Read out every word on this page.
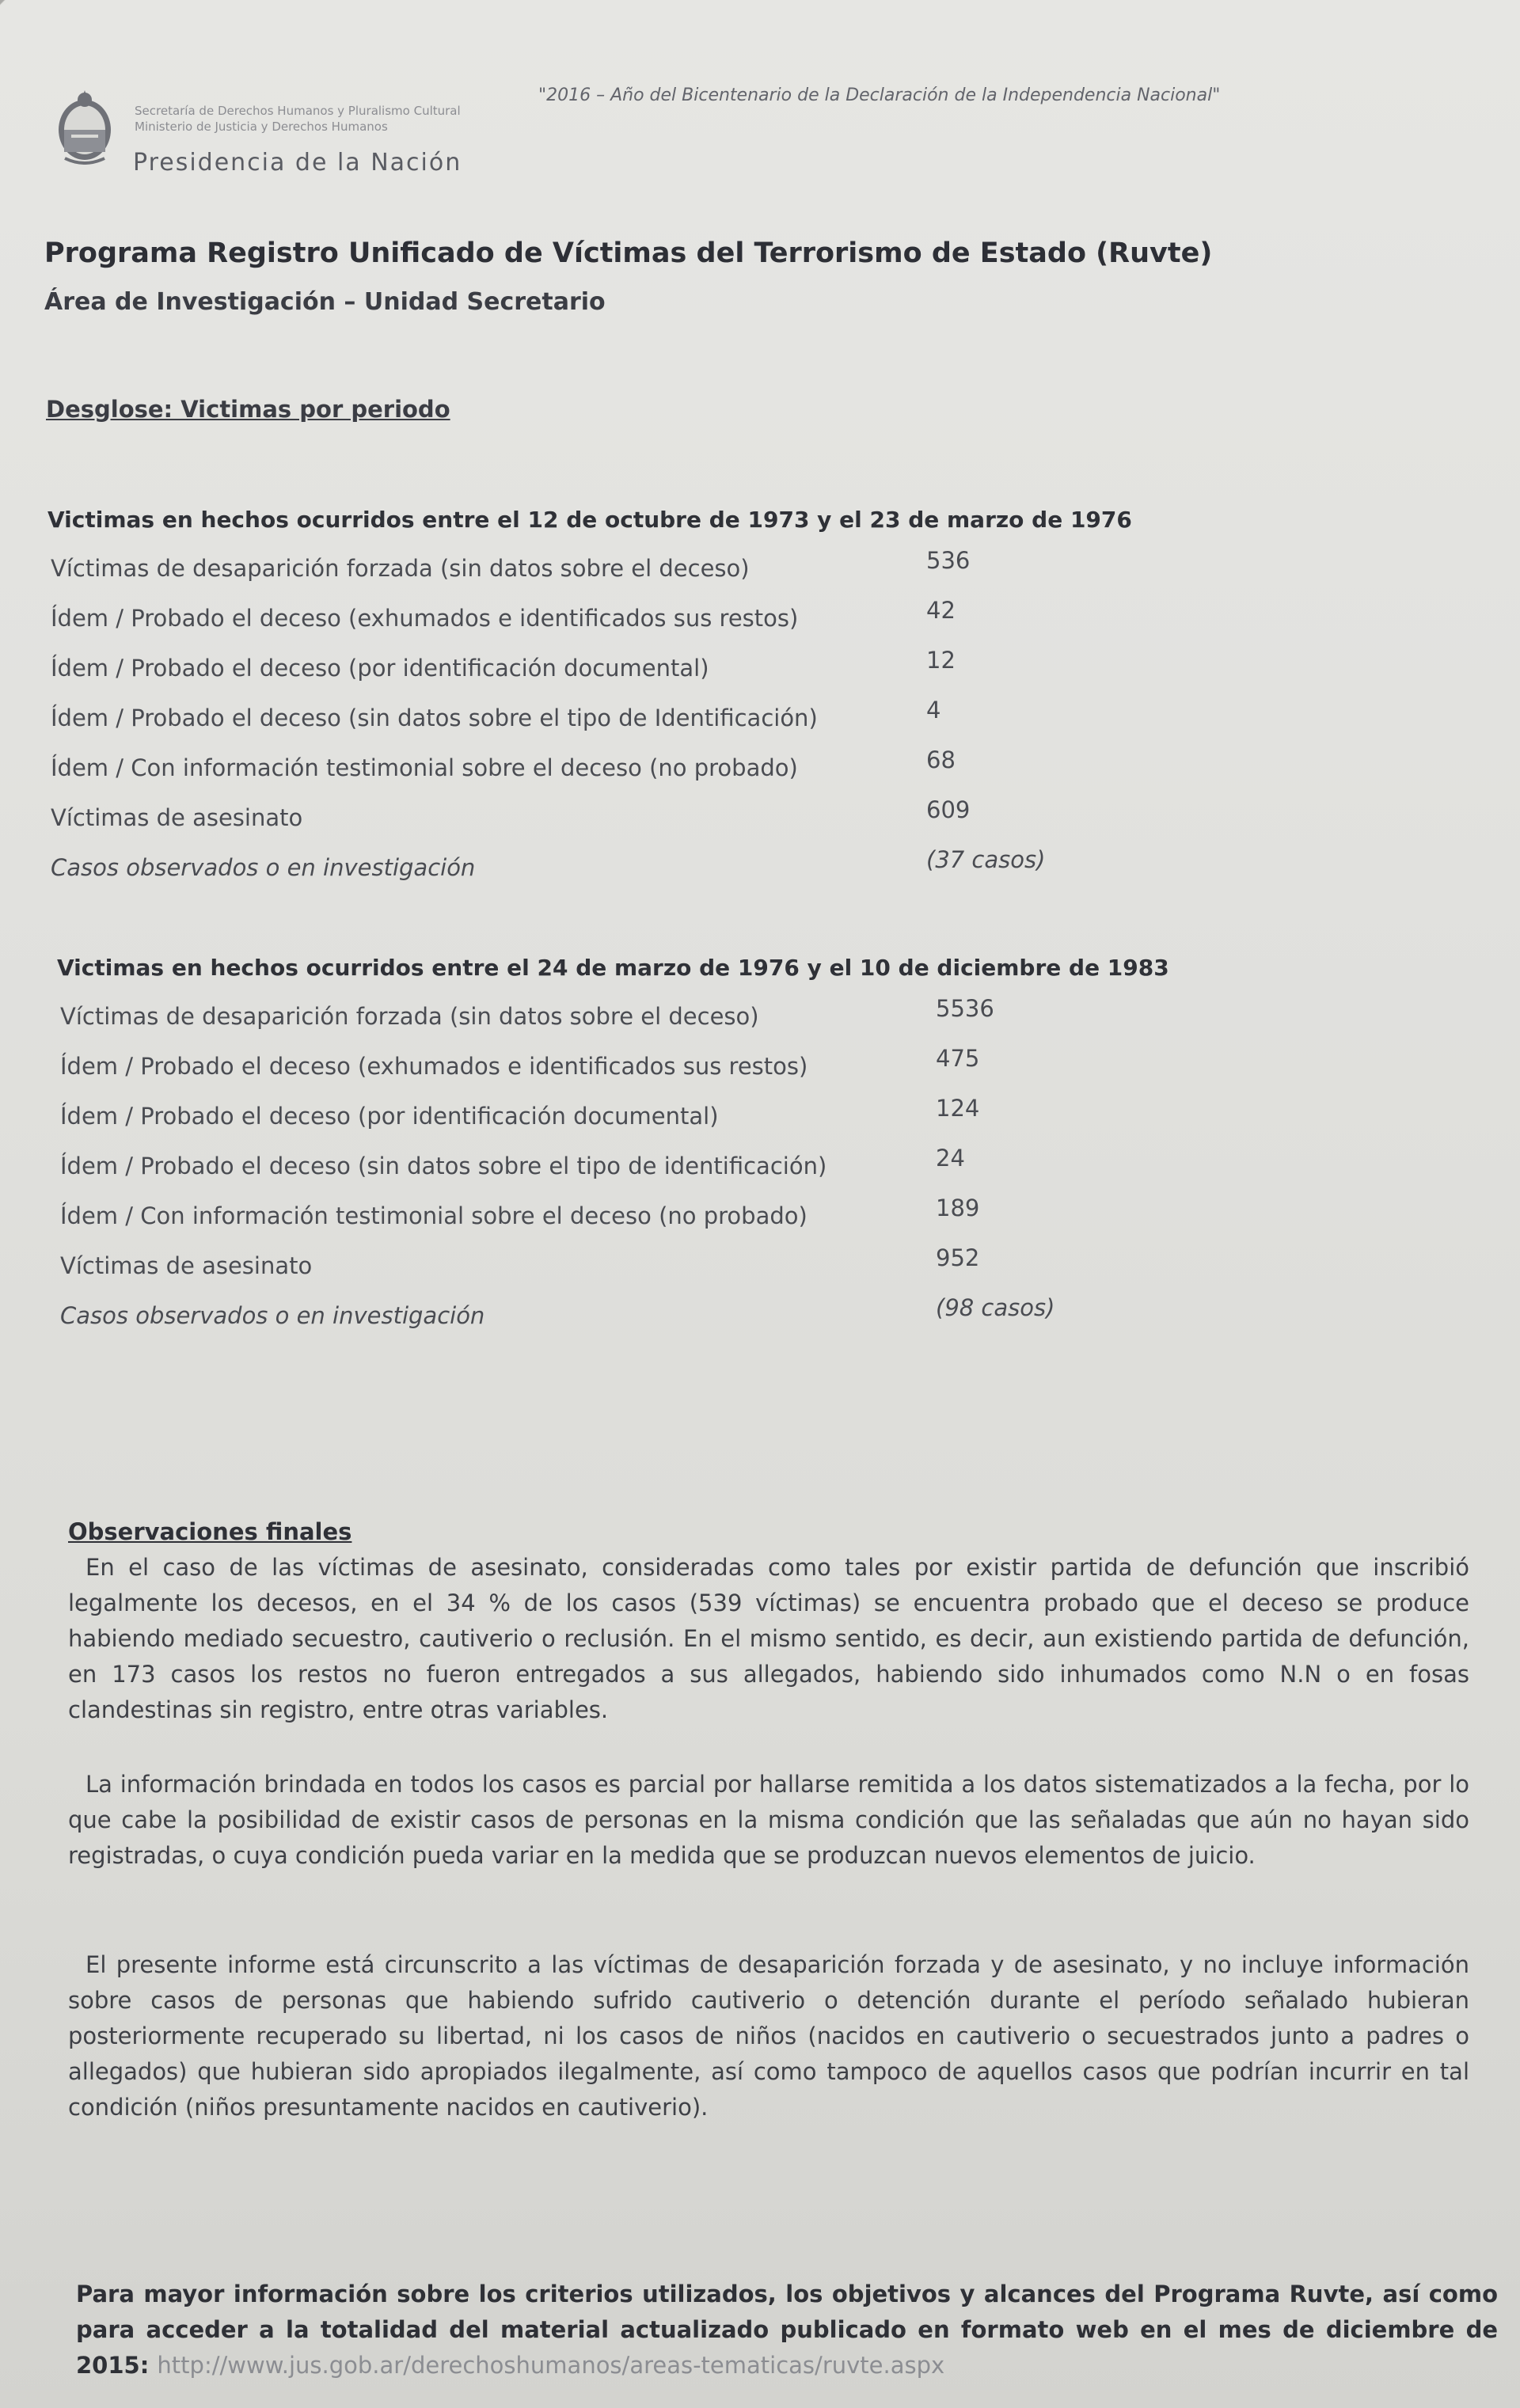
Secretaría de Derechos Humanos y Pluralismo Cultural
Ministerio de Justicia y Derechos Humanos
Presidencia de la Nación
"2016 – Año del Bicentenario de la Declaración de la Independencia Nacional"
Programa Registro Unificado de Víctimas del Terrorismo de Estado (Ruvte)
Área de Investigación – Unidad Secretario
Desglose: Victimas por periodo
Victimas en hechos ocurridos entre el 12 de octubre de 1973 y el 23 de marzo de 1976
Víctimas de desaparición forzada (sin datos sobre el deceso)	536
Ídem / Probado el deceso (exhumados e identificados sus restos)	42
Ídem / Probado el deceso (por identificación documental)	12
Ídem / Probado el deceso (sin datos sobre el tipo de Identificación)	4
Ídem / Con información testimonial sobre el deceso (no probado)	68
Víctimas de asesinato	609
Casos observados o en investigación	(37 casos)
Victimas en hechos ocurridos entre el 24 de marzo de 1976 y el 10 de diciembre de 1983
Víctimas de desaparición forzada (sin datos sobre el deceso)	5536
Ídem / Probado el deceso (exhumados e identificados sus restos)	475
Ídem / Probado el deceso (por identificación documental)	124
Ídem / Probado el deceso (sin datos sobre el tipo de identificación)	24
Ídem / Con información testimonial sobre el deceso (no probado)	189
Víctimas de asesinato	952
Casos observados o en investigación	(98 casos)
Observaciones finales
En el caso de las víctimas de asesinato, consideradas como tales por existir partida de defunción que inscribió legalmente los decesos, en el 34 % de los casos (539 víctimas) se encuentra probado que el deceso se produce habiendo mediado secuestro, cautiverio o reclusión. En el mismo sentido, es decir, aun existiendo partida de defunción, en 173 casos los restos no fueron entregados a sus allegados, habiendo sido inhumados como N.N o en fosas clandestinas sin registro, entre otras variables.
La información brindada en todos los casos es parcial por hallarse remitida a los datos sistematizados a la fecha, por lo que cabe la posibilidad de existir casos de personas en la misma condición que las señaladas que aún no hayan sido registradas, o cuya condición pueda variar en la medida que se produzcan nuevos elementos de juicio.
El presente informe está circunscrito a las víctimas de desaparición forzada y de asesinato, y no incluye información sobre casos de personas que habiendo sufrido cautiverio o detención durante el período señalado hubieran posteriormente recuperado su libertad, ni los casos de niños (nacidos en cautiverio o secuestrados junto a padres o allegados) que hubieran sido apropiados ilegalmente, así como tampoco de aquellos casos que podrían incurrir en tal condición (niños presuntamente nacidos en cautiverio).
Para mayor información sobre los criterios utilizados, los objetivos y alcances del Programa Ruvte, así como para acceder a la totalidad del material actualizado publicado en formato web en el mes de diciembre de 2015: http://www.jus.gob.ar/derechoshumanos/areas-tematicas/ruvte.aspx
